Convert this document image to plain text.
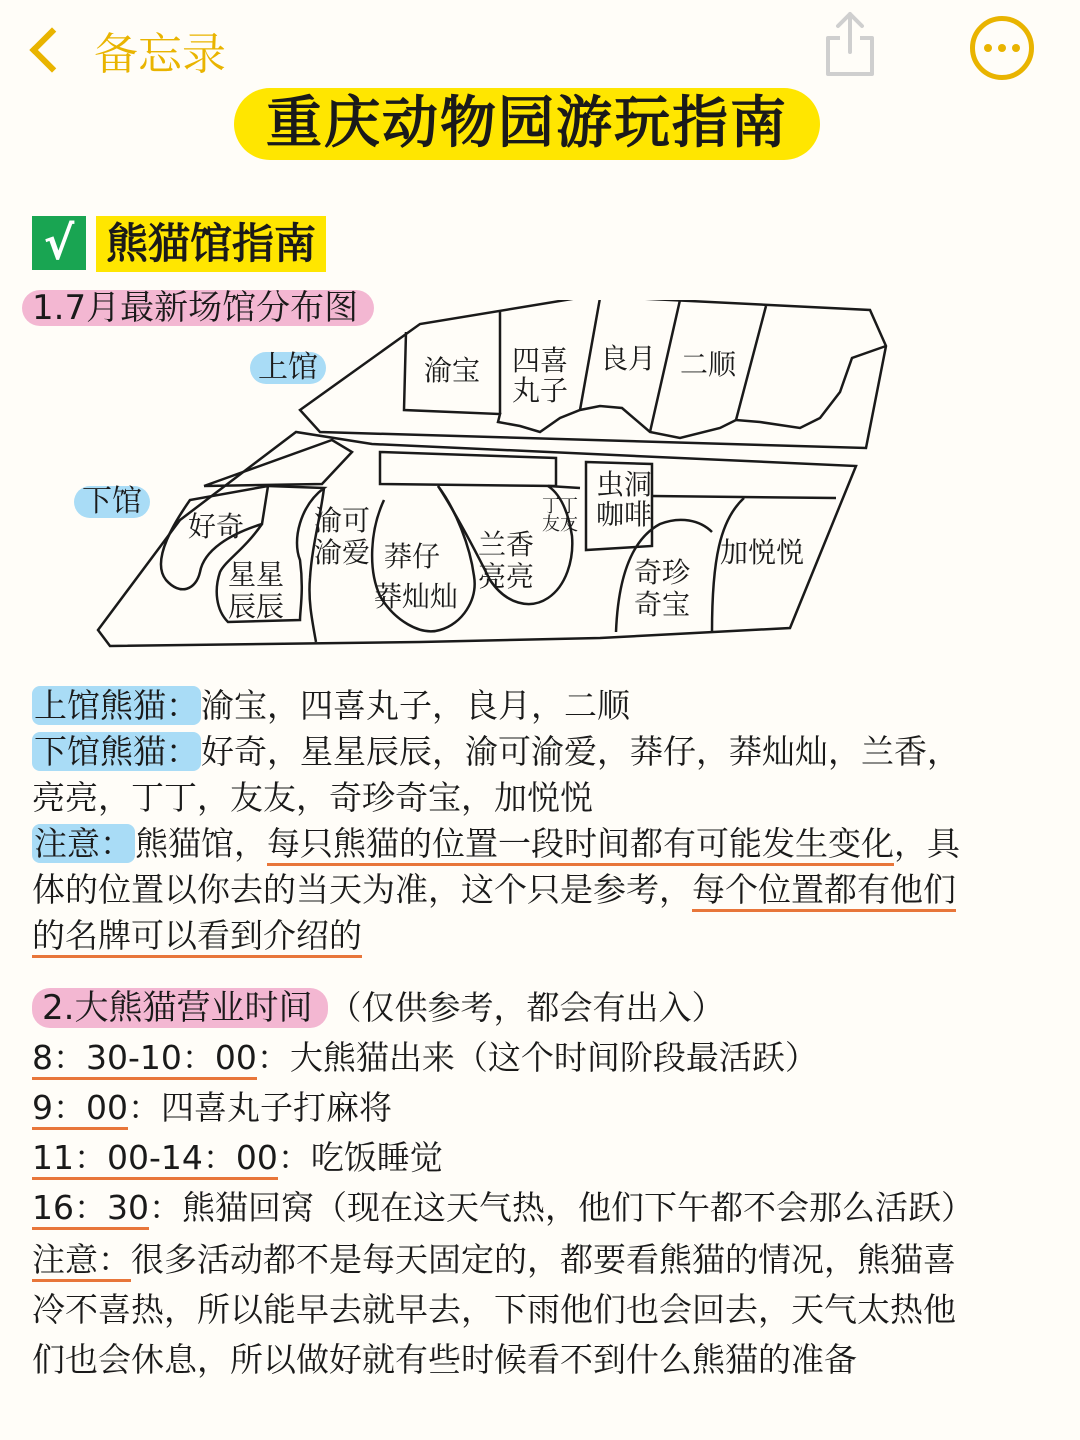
备忘录
重庆动物园游玩指南
√ 熊猫馆指南
1.7月最新场馆分布图
上馆
下馆
渝宝 四喜
丸子
良月 二顺
好奇
星星
辰辰
渝可
渝爱 莽仔
莽灿灿
兰香
亮亮
丁丁
友友
虫洞
咖啡
奇珍
奇宝
加悦悦
上馆熊猫：渝宝，四喜丸子，良月，二顺
下馆熊猫：好奇，星星辰辰，渝可渝爱，莽仔，莽灿灿，兰香，
亮亮，丁丁，友友，奇珍奇宝，加悦悦
注意：熊猫馆，每只熊猫的位置一段时间都有可能发生变化，具
体的位置以你去的当天为准，这个只是参考，每个位置都有他们
的名牌可以看到介绍的
2.大熊猫营业时间 （仅供参考，都会有出入）
8：30-10：00：大熊猫出来（这个时间阶段最活跃）
9：00：四喜丸子打麻将
11：00-14：00：吃饭睡觉
16：30：熊猫回窝（现在这天气热，他们下午都不会那么活跃）
注意：很多活动都不是每天固定的，都要看熊猫的情况，熊猫喜
冷不喜热，所以能早去就早去，下雨他们也会回去，天气太热他
们也会休息，所以做好就有些时候看不到什么熊猫的准备
